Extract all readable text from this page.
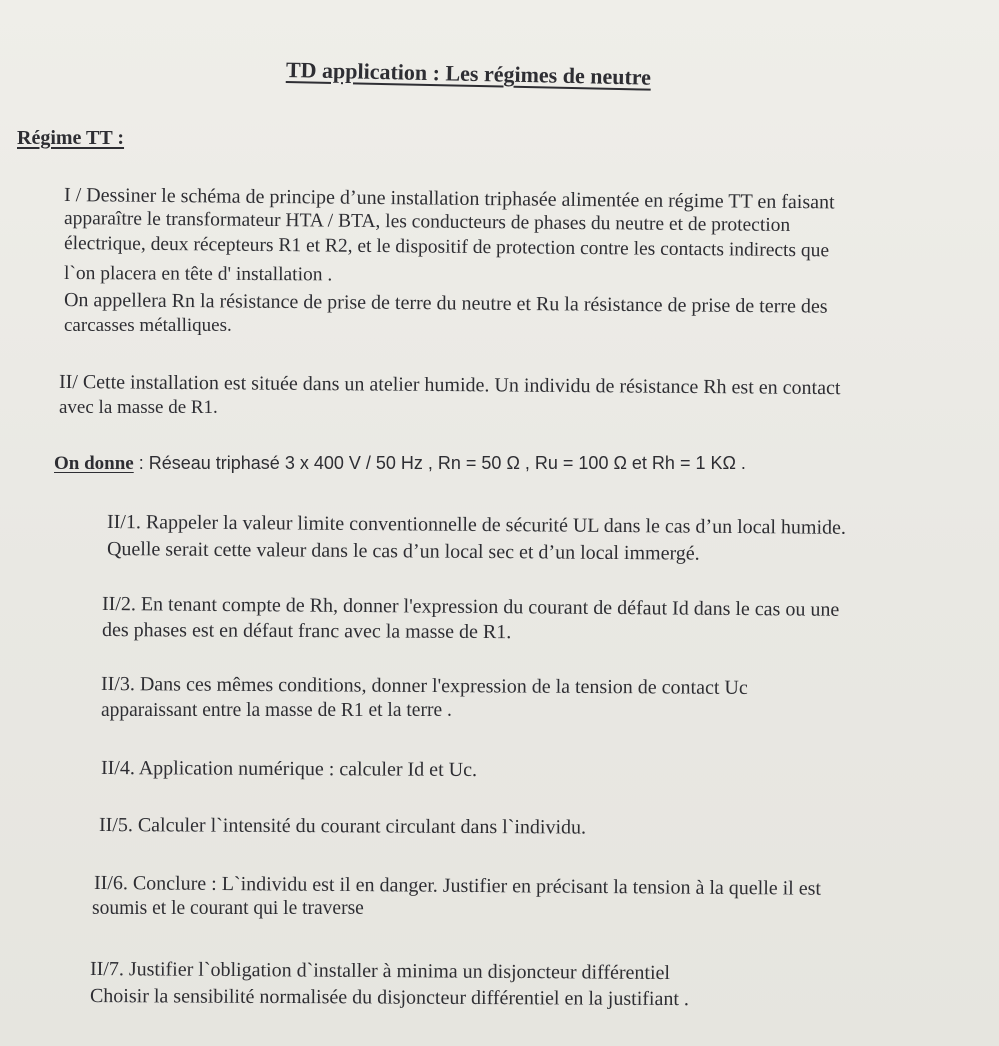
TD application : Les régimes de neutre
Régime TT :
I / Dessiner le schéma de principe d’une installation triphasée alimentée en régime TT en faisant
apparaître le transformateur HTA / BTA, les conducteurs de phases du neutre et de protection
électrique, deux récepteurs R1 et R2, et le dispositif de protection contre les contacts indirects que
l`on placera en tête d' installation .
On appellera Rn la résistance de prise de terre du neutre et Ru la résistance de prise de terre des
carcasses métalliques.
II/ Cette installation est située dans un atelier humide. Un individu de résistance Rh est en contact
avec la masse de R1.
On donne : Réseau triphasé 3 x 400 V / 50 Hz , Rn = 50 Ω , Ru = 100 Ω et Rh = 1 KΩ .
II/1. Rappeler la valeur limite conventionnelle de sécurité UL dans le cas d’un local humide.
Quelle serait cette valeur dans le cas d’un local sec et d’un local immergé.
II/2. En tenant compte de Rh, donner l'expression du courant de défaut Id dans le cas ou une
des phases est en défaut franc avec la masse de R1.
II/3. Dans ces mêmes conditions, donner l'expression de la tension de contact Uc
apparaissant entre la masse de R1 et la terre .
II/4. Application numérique : calculer Id et Uc.
II/5. Calculer l`intensité du courant circulant dans l`individu.
II/6. Conclure : L`individu est il en danger. Justifier en précisant la tension à la quelle il est
soumis et le courant qui le traverse
II/7. Justifier l`obligation d`installer à minima un disjoncteur différentiel
Choisir la sensibilité normalisée du disjoncteur différentiel en la justifiant .
